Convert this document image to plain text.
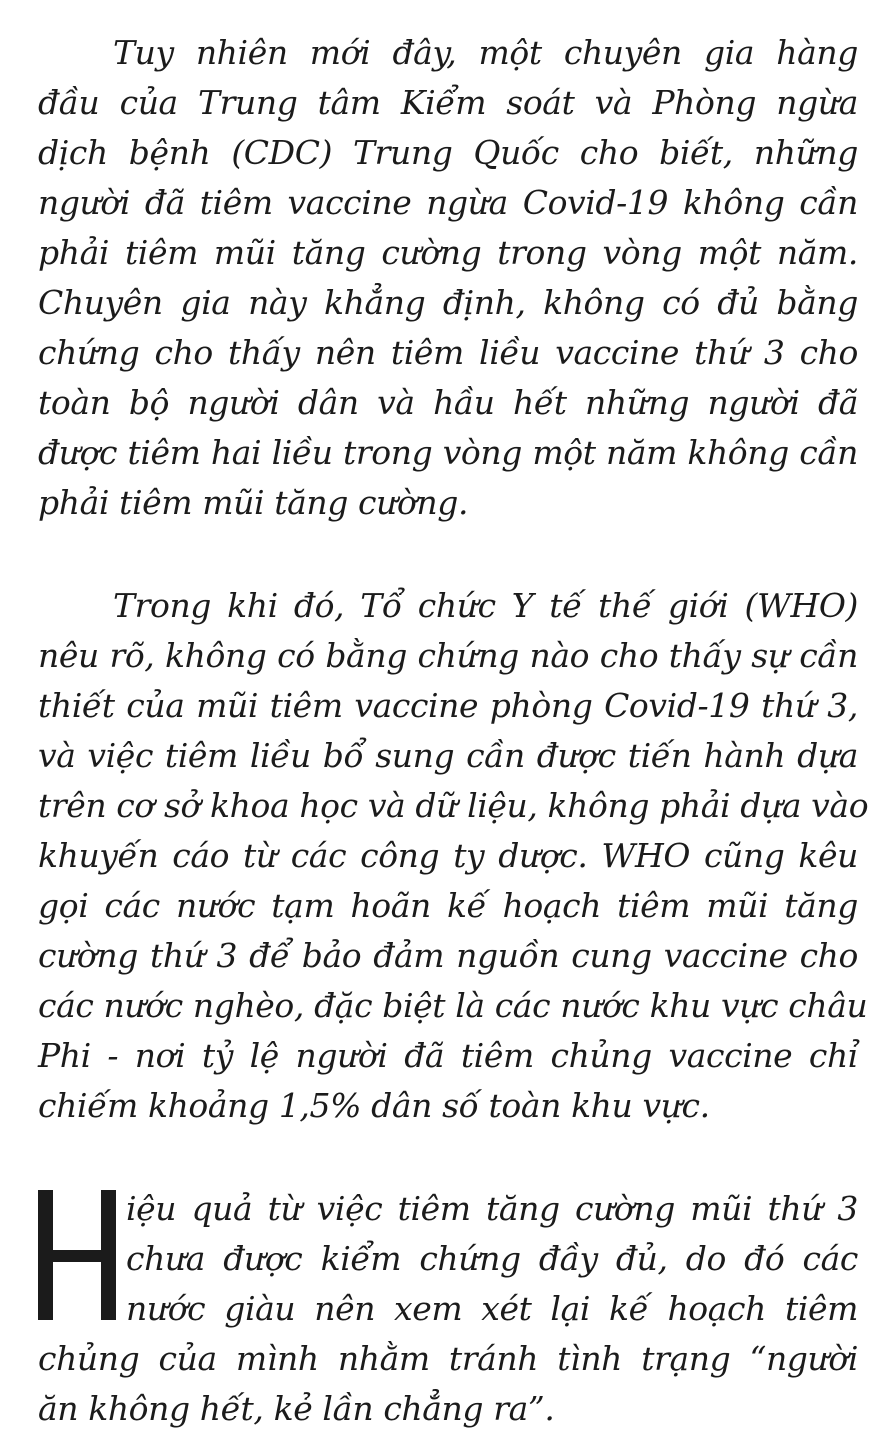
Tuy nhiên mới đây, một chuyên gia hàng
đầu của Trung tâm Kiểm soát và Phòng ngừa
dịch bệnh (CDC) Trung Quốc cho biết, những
người đã tiêm vaccine ngừa Covid-19 không cần
phải tiêm mũi tăng cường trong vòng một năm.
Chuyên gia này khẳng định, không có đủ bằng
chứng cho thấy nên tiêm liều vaccine thứ 3 cho
toàn bộ người dân và hầu hết những người đã
được tiêm hai liều trong vòng một năm không cần
phải tiêm mũi tăng cường.

Trong khi đó, Tổ chức Y tế thế giới (WHO)
nêu rõ, không có bằng chứng nào cho thấy sự cần
thiết của mũi tiêm vaccine phòng Covid-19 thứ 3,
và việc tiêm liều bổ sung cần được tiến hành dựa
trên cơ sở khoa học và dữ liệu, không phải dựa vào
khuyến cáo từ các công ty dược. WHO cũng kêu
gọi các nước tạm hoãn kế hoạch tiêm mũi tăng
cường thứ 3 để bảo đảm nguồn cung vaccine cho
các nước nghèo, đặc biệt là các nước khu vực châu
Phi - nơi tỷ lệ người đã tiêm chủng vaccine chỉ
chiếm khoảng 1,5% dân số toàn khu vực.

iệu quả từ việc tiêm tăng cường mũi thứ 3
chưa được kiểm chứng đầy đủ, do đó các
nước giàu nên xem xét lại kế hoạch tiêm
chủng của mình nhằm tránh tình trạng “người
ăn không hết, kẻ lần chẳng ra”.
